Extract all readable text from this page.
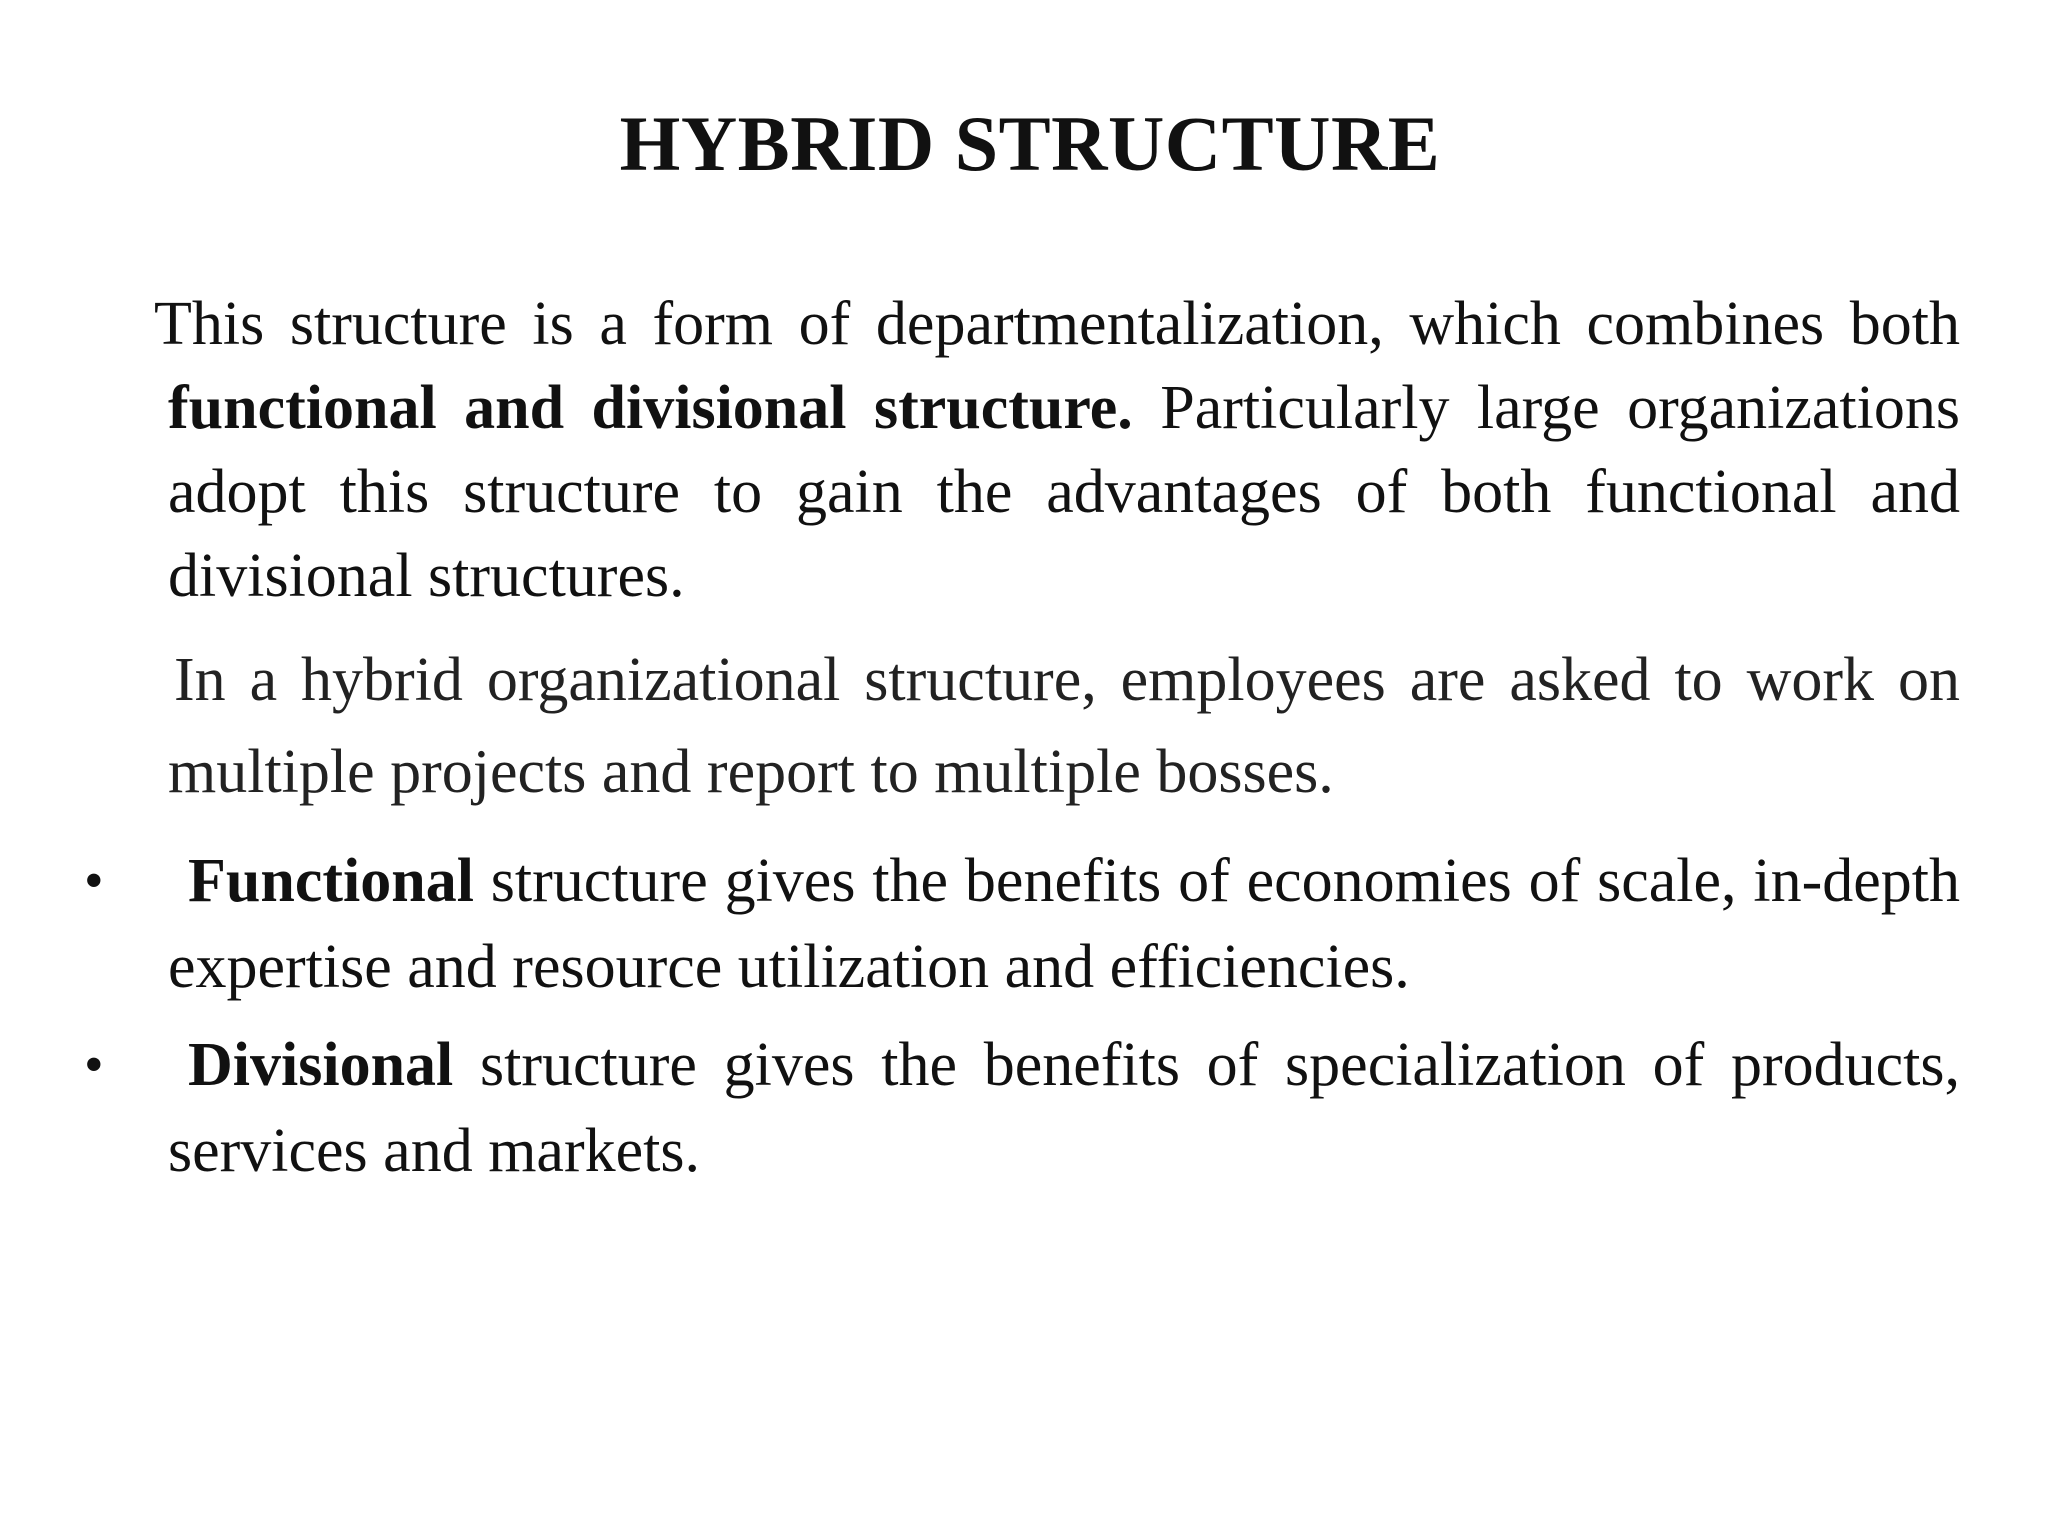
HYBRID STRUCTURE
This structure is a form of departmentalization, which combines both functional and divisional structure. Particularly large organizations adopt this structure to gain the advantages of both functional and divisional structures.
In a hybrid organizational structure, employees are asked to work on multiple projects and report to multiple bosses.
•	Functional structure gives the benefits of economies of scale, in-depth expertise and resource utilization and efficiencies.
•	Divisional structure gives the benefits of specialization of products, services and markets.
